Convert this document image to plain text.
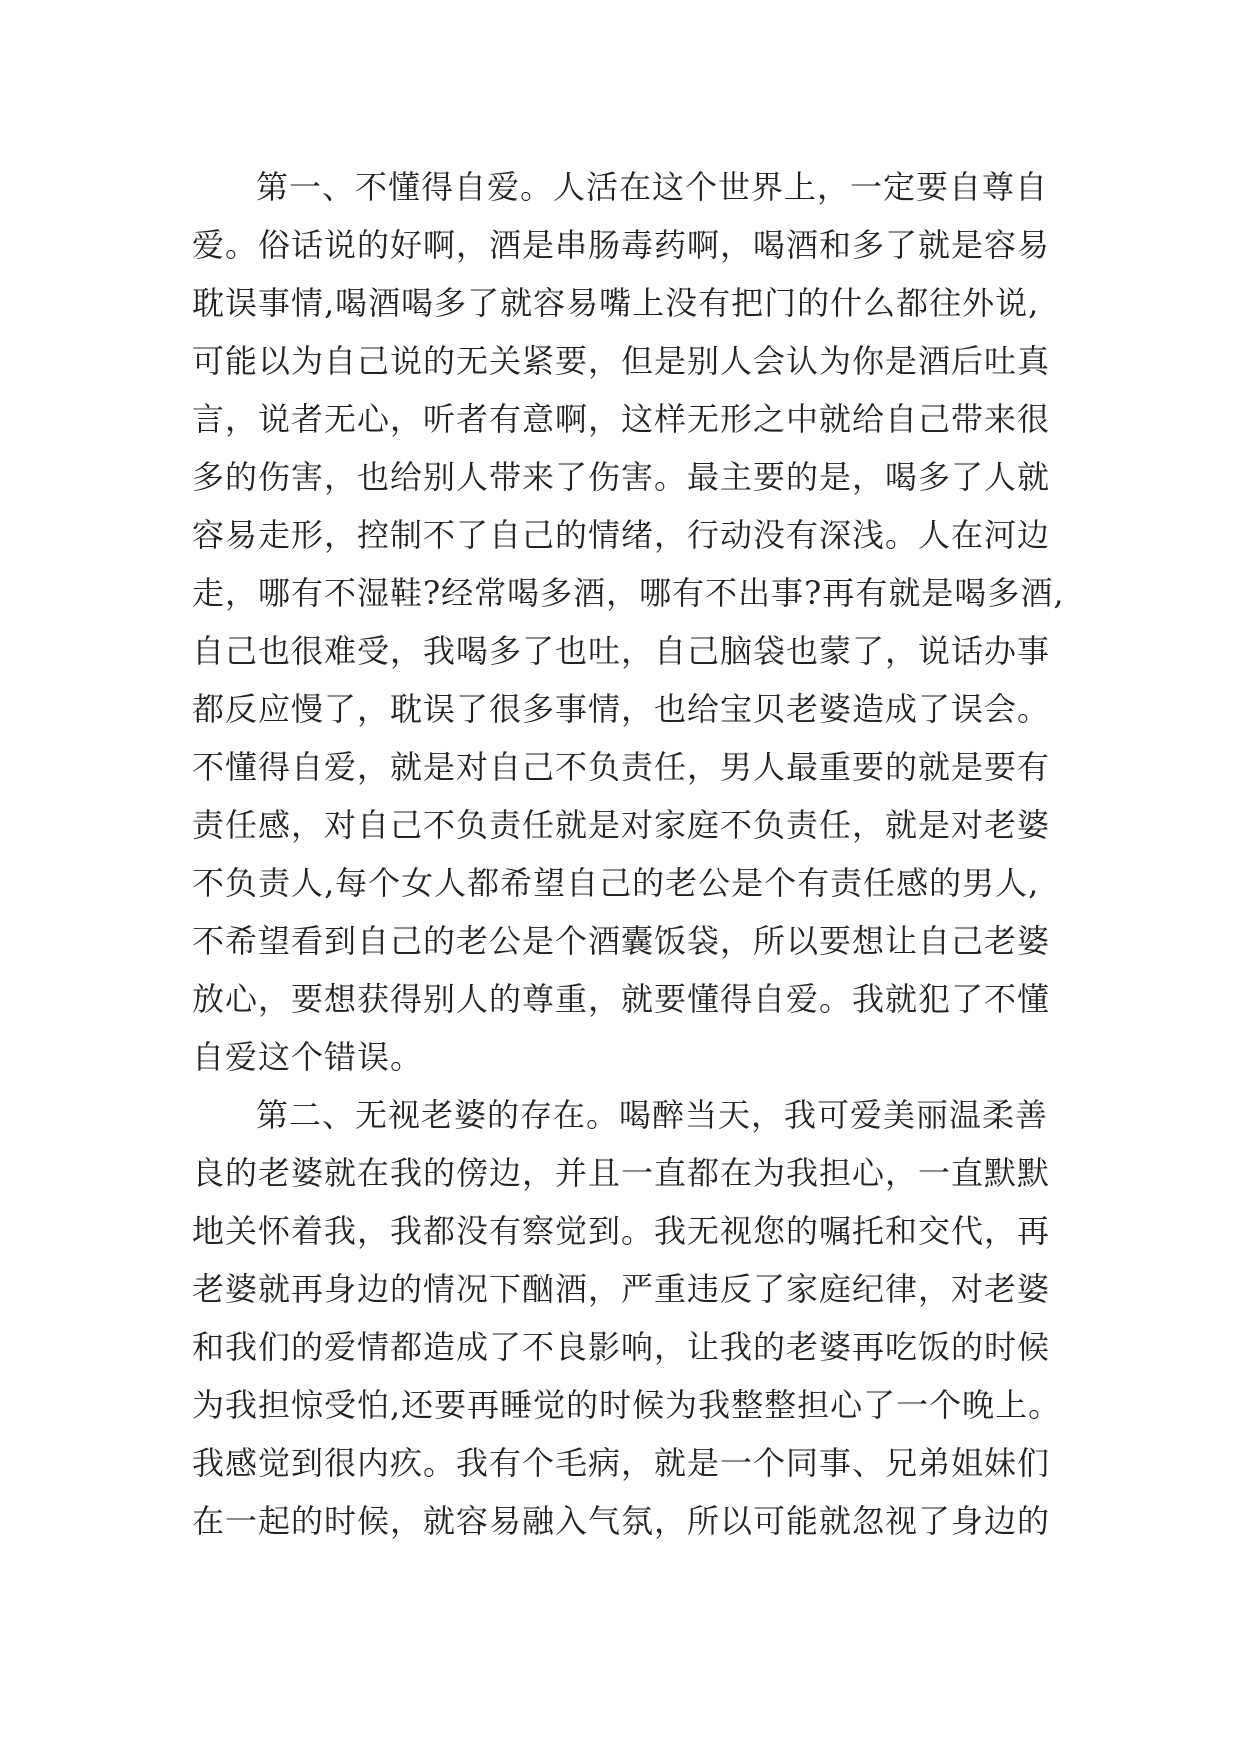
第一、不懂得自爱。人活在这个世界上，一定要自尊自
爱。俗话说的好啊，酒是串肠毒药啊，喝酒和多了就是容易
耽误事情,喝酒喝多了就容易嘴上没有把门的什么都往外说,
可能以为自己说的无关紧要，但是别人会认为你是酒后吐真
言，说者无心，听者有意啊，这样无形之中就给自己带来很
多的伤害，也给别人带来了伤害。最主要的是，喝多了人就
容易走形，控制不了自己的情绪，行动没有深浅。人在河边
走，哪有不湿鞋?经常喝多酒，哪有不出事?再有就是喝多酒,
自己也很难受，我喝多了也吐，自己脑袋也蒙了，说话办事
都反应慢了，耽误了很多事情，也给宝贝老婆造成了误会。
不懂得自爱，就是对自己不负责任，男人最重要的就是要有
责任感，对自己不负责任就是对家庭不负责任，就是对老婆
不负责人,每个女人都希望自己的老公是个有责任感的男人,
不希望看到自己的老公是个酒囊饭袋，所以要想让自己老婆
放心，要想获得别人的尊重，就要懂得自爱。我就犯了不懂
自爱这个错误。
第二、无视老婆的存在。喝醉当天，我可爱美丽温柔善
良的老婆就在我的傍边，并且一直都在为我担心，一直默默
地关怀着我，我都没有察觉到。我无视您的嘱托和交代，再
老婆就再身边的情况下酗酒，严重违反了家庭纪律，对老婆
和我们的爱情都造成了不良影响，让我的老婆再吃饭的时候
为我担惊受怕,还要再睡觉的时候为我整整担心了一个晚上。
我感觉到很内疚。我有个毛病，就是一个同事、兄弟姐妹们
在一起的时候，就容易融入气氛，所以可能就忽视了身边的
